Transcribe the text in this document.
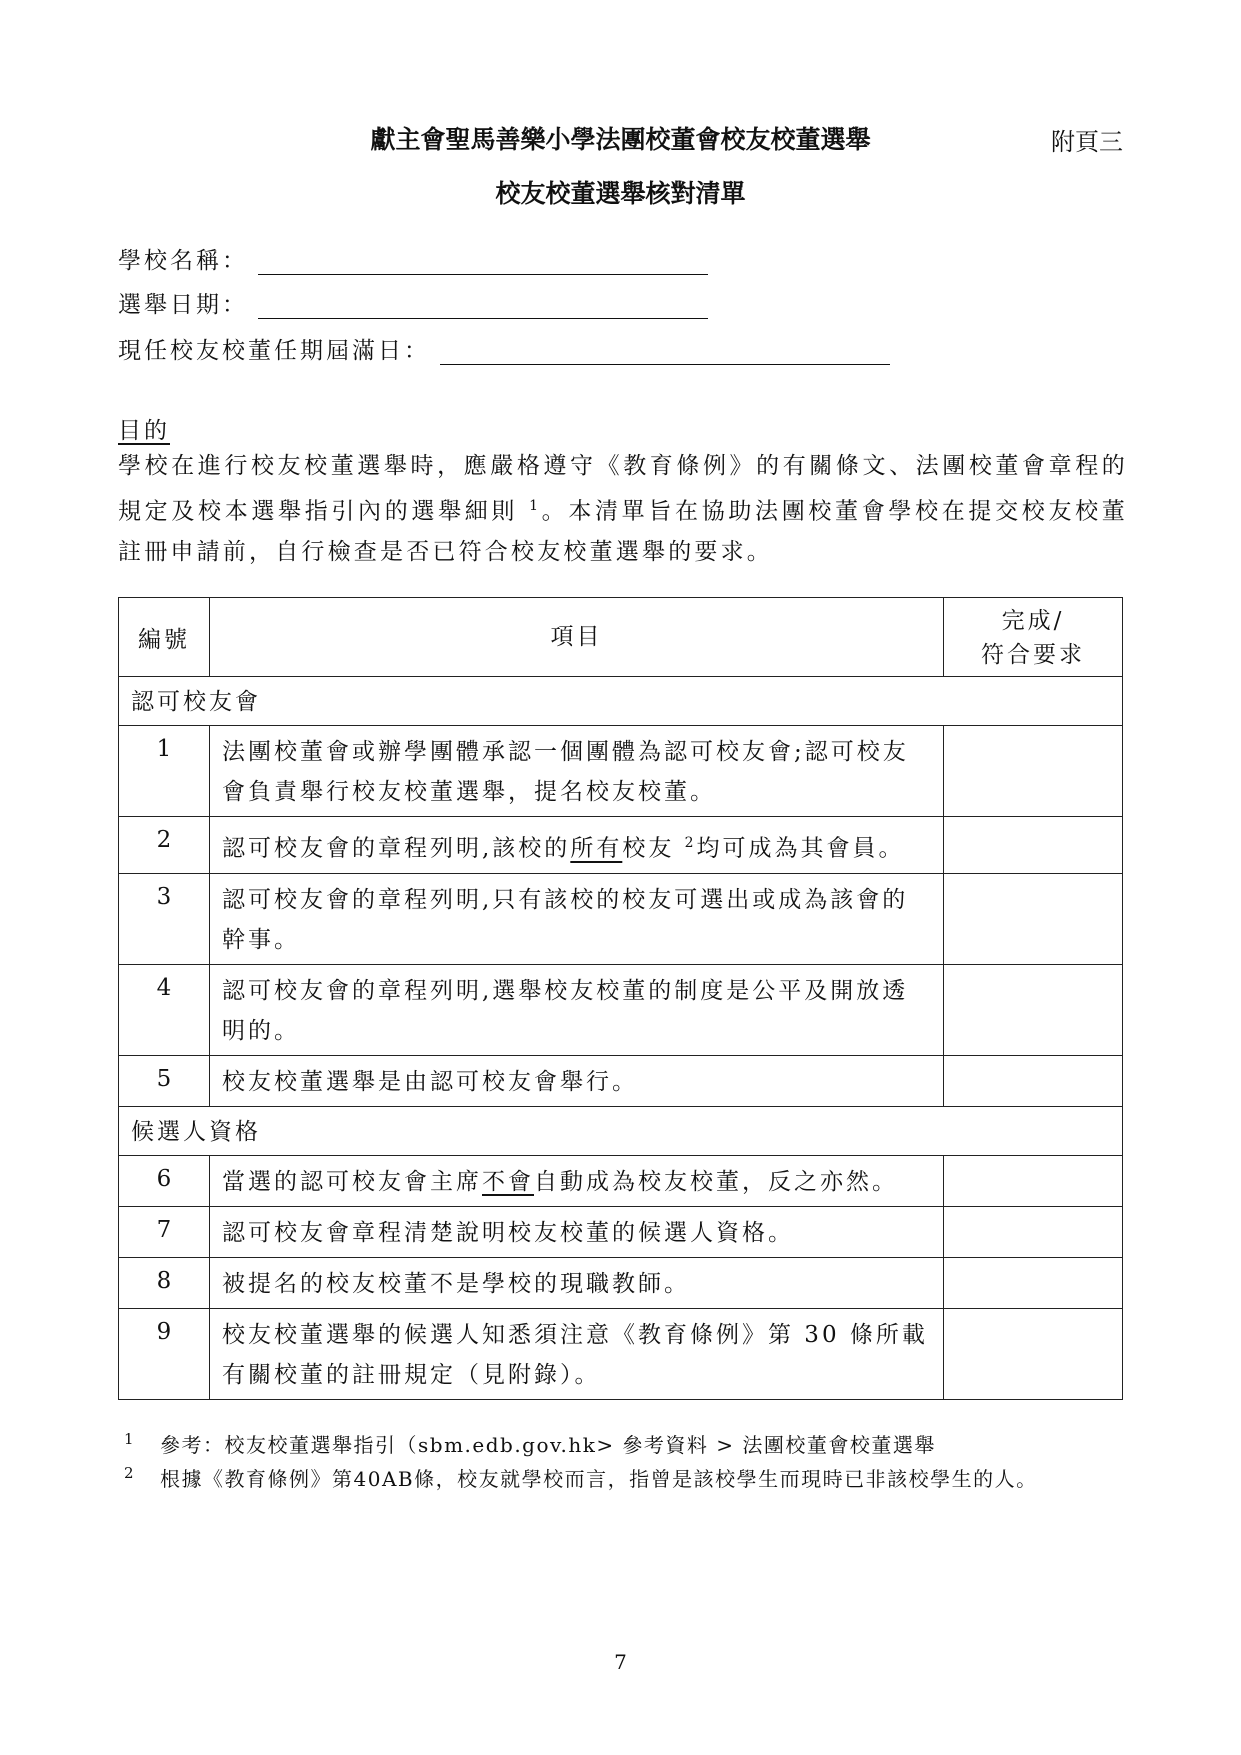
獻主會聖馬善樂小學法團校董會校友校董選舉	附頁三
校友校董選舉核對清單
學校名稱：
選舉日期：
現任校友校董任期屆滿日：
目的
學校在進行校友校董選舉時，應嚴格遵守《教育條例》的有關條文、法團校董會章程的規定及校本選舉指引內的選舉細則 $^1$。本清單旨在協助法團校董會學校在提交校友校董註冊申請前，自行檢查是否已符合校友校董選舉的要求。
編號	項目	完成/
符合要求
認可校友會		
1	法團校董會或辦學團體承認一個團體為認可校友會;認可校友會負責舉行校友校董選舉，提名校友校董。	
2	認可校友會的章程列明,該校的所有校友 $^2$均可成為其會員。	
3	認可校友會的章程列明,只有該校的校友可選出或成為該會的幹事。	
4	認可校友會的章程列明,選舉校友校董的制度是公平及開放透明的。	
5	校友校董選舉是由認可校友會舉行。	
候選人資格		
6	當選的認可校友會主席不會自動成為校友校董，反之亦然。	
7	認可校友會章程清楚說明校友校董的候選人資格。	
8	被提名的校友校董不是學校的現職教師。	
9	校友校董選舉的候選人知悉須注意《教育條例》第 30 條所載有關校董的註冊規定（見附錄）。	
1 參考：校友校董選舉指引（sbm.edb.gov.hk> 參考資料 > 法團校董會校董選舉
2 根據《教育條例》第40AB條，校友就學校而言，指曾是該校學生而現時已非該校學生的人。
7
